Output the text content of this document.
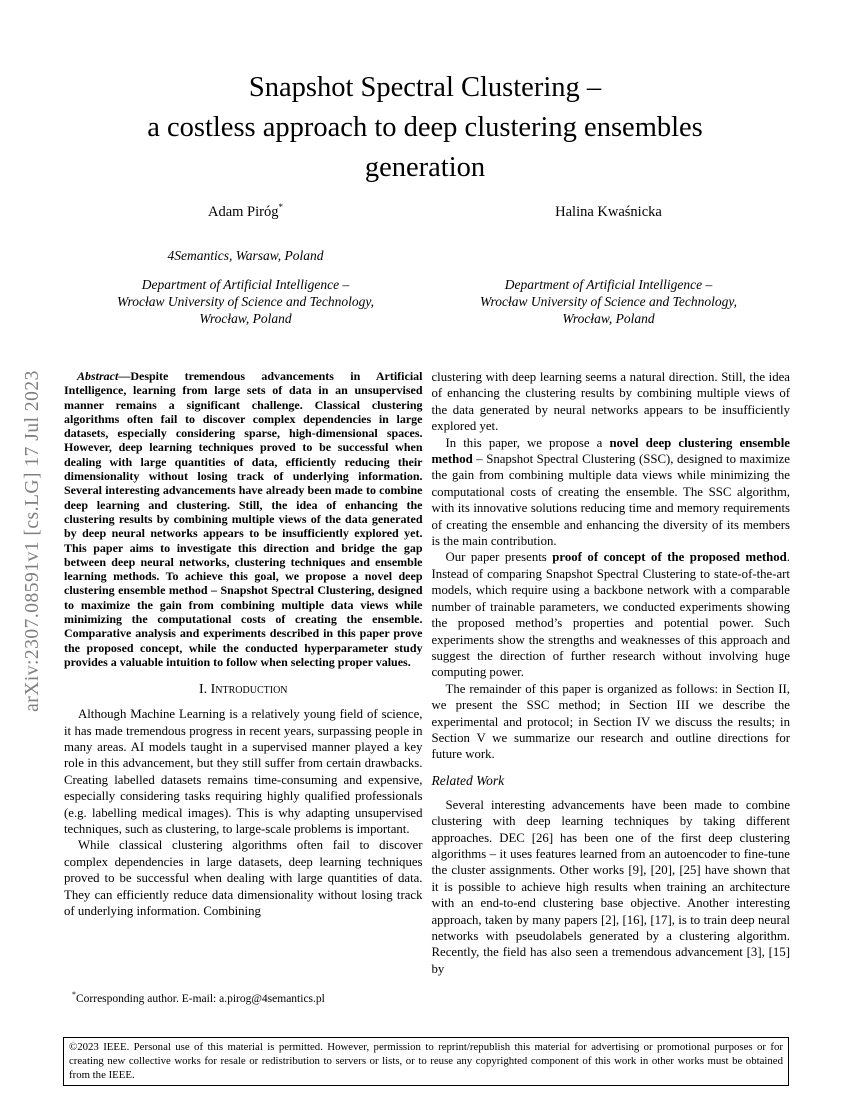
arXiv:2307.08591v1 [cs.LG] 17 Jul 2023
Snapshot Spectral Clustering –
a costless approach to deep clustering ensembles
generation
Adam Piróg*
4Semantics, Warsaw, Poland
Department of Artificial Intelligence –
Wrocław University of Science and Technology,
Wrocław, Poland
Halina Kwaśnicka
Department of Artificial Intelligence –
Wrocław University of Science and Technology,
Wrocław, Poland

Abstract—Despite tremendous advancements in Artificial Intelligence, learning from large sets of data in an unsupervised manner remains a significant challenge. Classical clustering algorithms often fail to discover complex dependencies in large datasets, especially considering sparse, high-dimensional spaces. However, deep learning techniques proved to be successful when dealing with large quantities of data, efficiently reducing their dimensionality without losing track of underlying information. Several interesting advancements have already been made to combine deep learning and clustering. Still, the idea of enhancing the clustering results by combining multiple views of the data generated by deep neural networks appears to be insufficiently explored yet. This paper aims to investigate this direction and bridge the gap between deep neural networks, clustering techniques and ensemble learning methods. To achieve this goal, we propose a novel deep clustering ensemble method – Snapshot Spectral Clustering, designed to maximize the gain from combining multiple data views while minimizing the computational costs of creating the ensemble. Comparative analysis and experiments described in this paper prove the proposed concept, while the conducted hyperparameter study provides a valuable intuition to follow when selecting proper values.

I. Introduction

Although Machine Learning is a relatively young field of science, it has made tremendous progress in recent years, surpassing people in many areas. AI models taught in a supervised manner played a key role in this advancement, but they still suffer from certain drawbacks. Creating labelled datasets remains time-consuming and expensive, especially considering tasks requiring highly qualified professionals (e.g. labelling medical images). This is why adapting unsupervised techniques, such as clustering, to large-scale problems is important.

While classical clustering algorithms often fail to discover complex dependencies in large datasets, deep learning techniques proved to be successful when dealing with large quantities of data. They can efficiently reduce data dimensionality without losing track of underlying information. Combining

*Corresponding author. E-mail: a.pirog@4semantics.pl

clustering with deep learning seems a natural direction. Still, the idea of enhancing the clustering results by combining multiple views of the data generated by neural networks appears to be insufficiently explored yet.

In this paper, we propose a novel deep clustering ensemble method – Snapshot Spectral Clustering (SSC), designed to maximize the gain from combining multiple data views while minimizing the computational costs of creating the ensemble. The SSC algorithm, with its innovative solutions reducing time and memory requirements of creating the ensemble and enhancing the diversity of its members is the main contribution.

Our paper presents proof of concept of the proposed method. Instead of comparing Snapshot Spectral Clustering to state-of-the-art models, which require using a backbone network with a comparable number of trainable parameters, we conducted experiments showing the proposed method’s properties and potential power. Such experiments show the strengths and weaknesses of this approach and suggest the direction of further research without involving huge computing power.

The remainder of this paper is organized as follows: in Section II, we present the SSC method; in Section III we describe the experimental and protocol; in Section IV we discuss the results; in Section V we summarize our research and outline directions for future work.

Related Work

Several interesting advancements have been made to combine clustering with deep learning techniques by taking different approaches. DEC [26] has been one of the first deep clustering algorithms – it uses features learned from an autoencoder to fine-tune the cluster assignments. Other works [9], [20], [25] have shown that it is possible to achieve high results when training an architecture with an end-to-end clustering base objective. Another interesting approach, taken by many papers [2], [16], [17], is to train deep neural networks with pseudolabels generated by a clustering algorithm. Recently, the field has also seen a tremendous advancement [3], [15] by

©2023 IEEE. Personal use of this material is permitted. However, permission to reprint/republish this material for advertising or promotional purposes or for creating new collective works for resale or redistribution to servers or lists, or to reuse any copyrighted component of this work in other works must be obtained from the IEEE.
